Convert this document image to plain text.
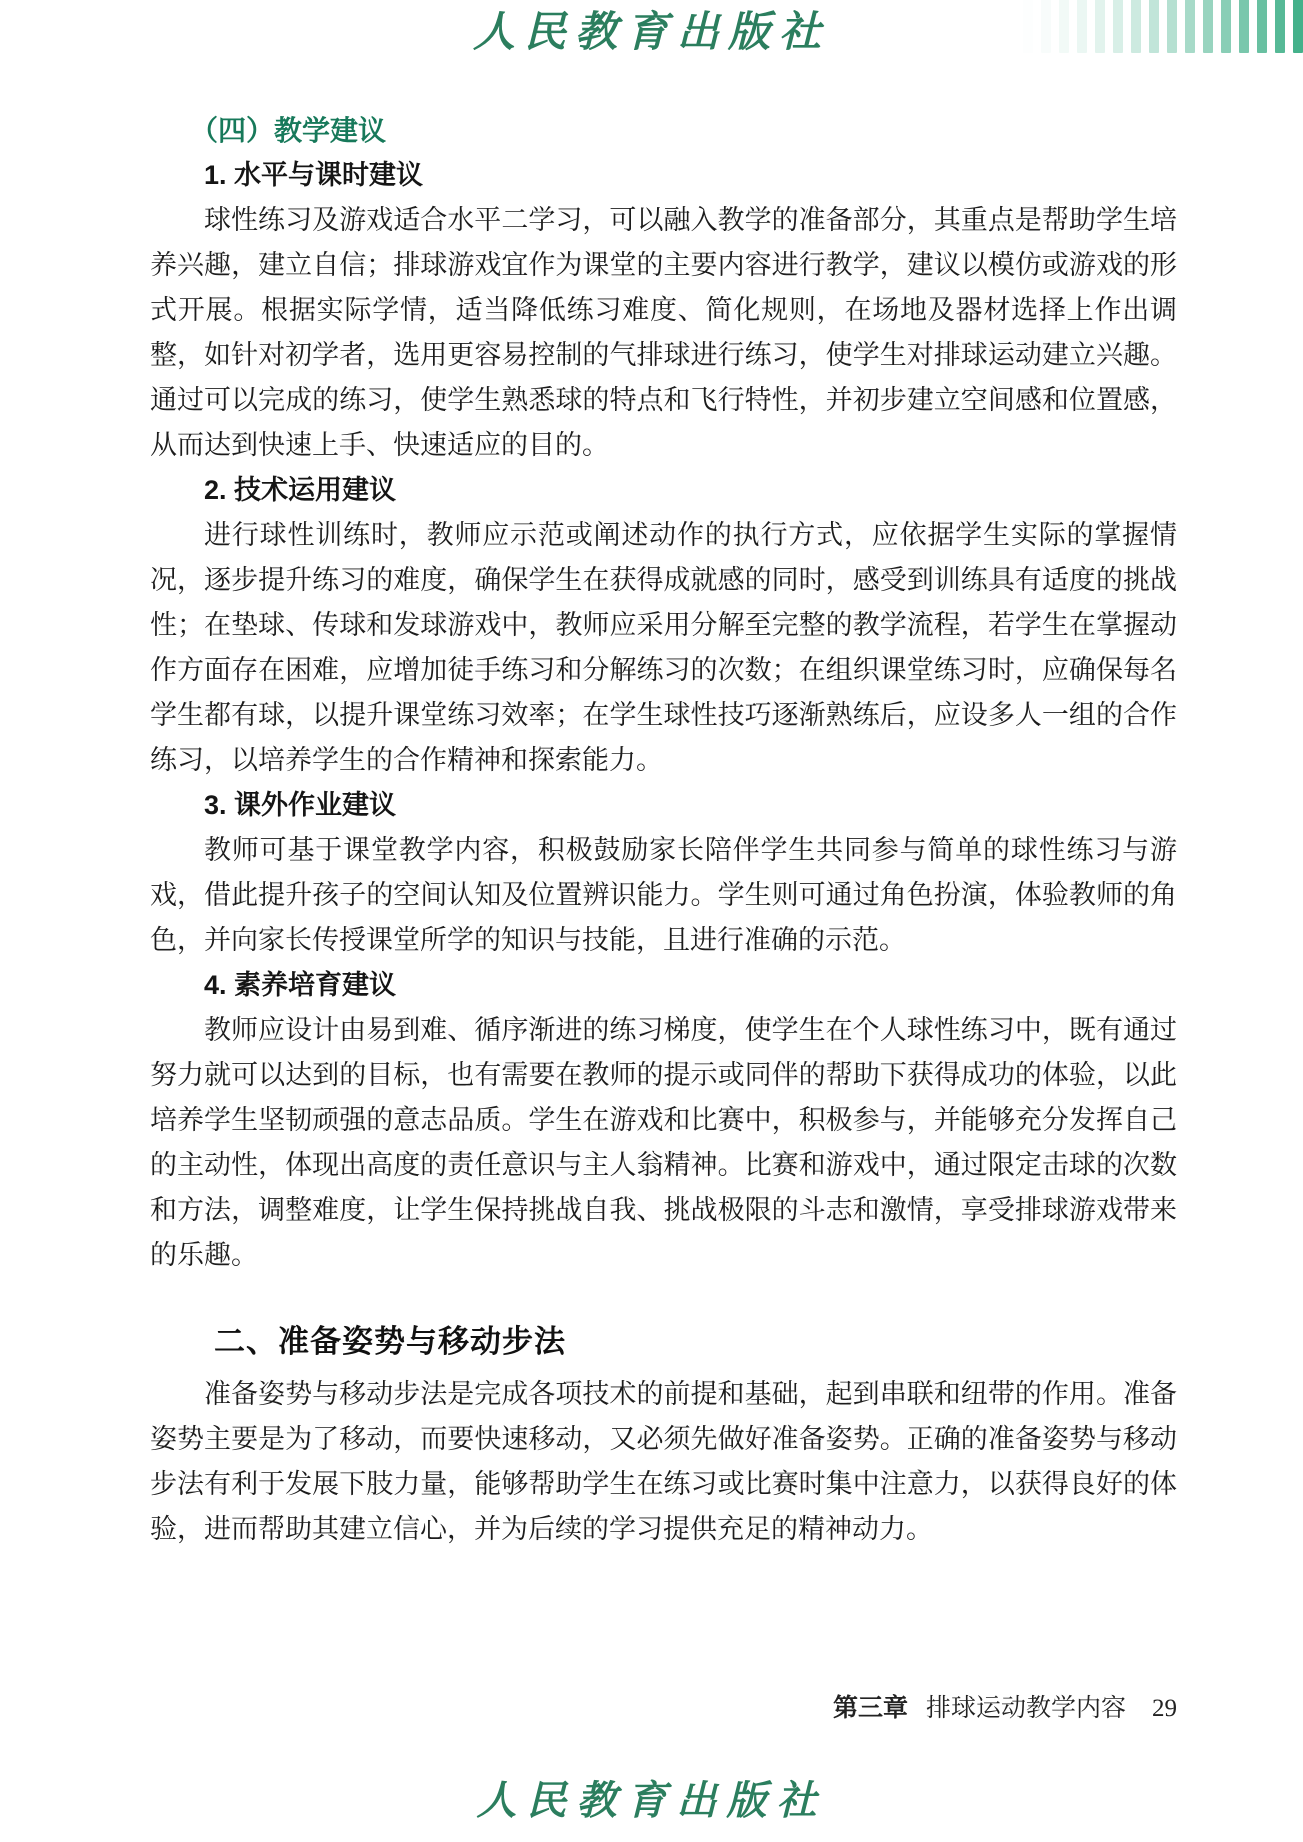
人民教育出版社
（四）教学建议
1. 水平与课时建议

球性练习及游戏适合水平二学习，可以融入教学的准备部分，其重点是帮助学生培养兴趣，建立自信；排球游戏宜作为课堂的主要内容进行教学，建议以模仿或游戏的形式开展。根据实际学情，适当降低练习难度、简化规则，在场地及器材选择上作出调整，如针对初学者，选用更容易控制的气排球进行练习，使学生对排球运动建立兴趣。通过可以完成的练习，使学生熟悉球的特点和飞行特性，并初步建立空间感和位置感，从而达到快速上手、快速适应的目的。

2. 技术运用建议

进行球性训练时，教师应示范或阐述动作的执行方式，应依据学生实际的掌握情况，逐步提升练习的难度，确保学生在获得成就感的同时，感受到训练具有适度的挑战性；在垫球、传球和发球游戏中，教师应采用分解至完整的教学流程，若学生在掌握动作方面存在困难，应增加徒手练习和分解练习的次数；在组织课堂练习时，应确保每名学生都有球，以提升课堂练习效率；在学生球性技巧逐渐熟练后，应设多人一组的合作练习，以培养学生的合作精神和探索能力。

3. 课外作业建议

教师可基于课堂教学内容，积极鼓励家长陪伴学生共同参与简单的球性练习与游戏，借此提升孩子的空间认知及位置辨识能力。学生则可通过角色扮演，体验教师的角色，并向家长传授课堂所学的知识与技能，且进行准确的示范。

4. 素养培育建议

教师应设计由易到难、循序渐进的练习梯度，使学生在个人球性练习中，既有通过努力就可以达到的目标，也有需要在教师的提示或同伴的帮助下获得成功的体验，以此培养学生坚韧顽强的意志品质。学生在游戏和比赛中，积极参与，并能够充分发挥自己的主动性，体现出高度的责任意识与主人翁精神。比赛和游戏中，通过限定击球的次数和方法，调整难度，让学生保持挑战自我、挑战极限的斗志和激情，享受排球游戏带来的乐趣。

二、准备姿势与移动步法

准备姿势与移动步法是完成各项技术的前提和基础，起到串联和纽带的作用。准备姿势主要是为了移动，而要快速移动，又必须先做好准备姿势。正确的准备姿势与移动步法有利于发展下肢力量，能够帮助学生在练习或比赛时集中注意力，以获得良好的体验，进而帮助其建立信心，并为后续的学习提供充足的精神动力。

第三章 排球运动教学内容 29
人民教育出版社
